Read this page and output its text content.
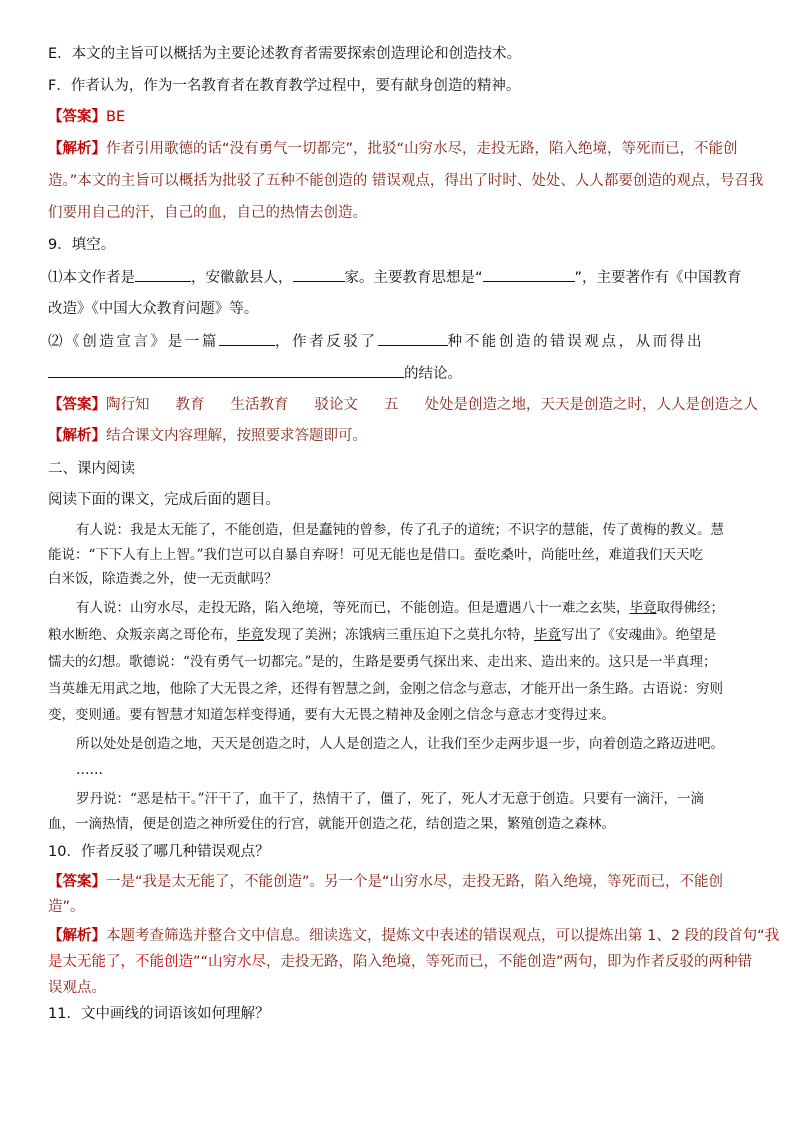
E．本文的主旨可以概括为主要论述教育者需要探索创造理论和创造技术。
F．作者认为，作为一名教育者在教育教学过程中，要有献身创造的精神。
【答案】BE
【解析】作者引用歌德的话“没有勇气一切都完”，批驳“山穷水尽，走投无路，陷入绝境，等死而已，不能创
造。”本文的主旨可以概括为批驳了五种不能创造的 错误观点，得出了时时、处处、人人都要创造的观点，号召我
们要用自己的汗，自己的血，自己的热情去创造。
9．填空。
⑴本文作者是	，安徽歙县人，	家。主要教育思想是“	”，主要著作有《中国教育
改造》《中国大众教育问题》等。
⑵《创造宣言》是一篇	，作者反驳了	种不能创造的错误观点，从而得出
的结论。
【答案】陶行知 教育 生活教育 驳论文 五 处处是创造之地，天天是创造之时，人人是创造之人
【解析】结合课文内容理解，按照要求答题即可。
二、课内阅读
阅读下面的课文，完成后面的题目。
有人说：我是太无能了，不能创造，但是蠢钝的曾参，传了孔子的道统；不识字的慧能，传了黄梅的教义。慧
能说：“下下人有上上智。”我们岂可以自暴自弃呀！可见无能也是借口。蚕吃桑叶，尚能吐丝，难道我们天天吃
白米饭，除造粪之外，使一无贡献吗？
有人说：山穷水尽，走投无路，陷入绝境，等死而已，不能创造。但是遭遇八十一难之玄奘，毕竟取得佛经；
粮水断绝、众叛亲离之哥伦布，毕竟发现了美洲；冻饿病三重压迫下之莫扎尔特，毕竟写出了《安魂曲》。绝望是
懦夫的幻想。歌德说：“没有勇气一切都完。”是的，生路是要勇气探出来、走出来、造出来的。这只是一半真理；
当英雄无用武之地，他除了大无畏之斧，还得有智慧之剑，金刚之信念与意志，才能开出一条生路。古语说：穷则
变，变则通。要有智慧才知道怎样变得通，要有大无畏之精神及金刚之信念与意志才变得过来。
所以处处是创造之地，天天是创造之时，人人是创造之人，让我们至少走两步退一步，向着创造之路迈进吧。
……
罗丹说：“恶是枯干。”汗干了，血干了，热情干了，僵了，死了，死人才无意于创造。只要有一滴汗，一滴
血，一滴热情，便是创造之神所爱住的行宫，就能开创造之花，结创造之果，繁殖创造之森林。
10．作者反驳了哪几种错误观点？
【答案】一是“我是太无能了，不能创造”。另一个是“山穷水尽，走投无路，陷入绝境，等死而已，不能创
造”。
【解析】本题考查筛选并整合文中信息。细读选文，提炼文中表述的错误观点，可以提炼出第 1、2 段的段首句“我
是太无能了，不能创造”“山穷水尽，走投无路，陷入绝境，等死而已，不能创造”两句，即为作者反驳的两种错
误观点。
11．文中画线的词语该如何理解？
